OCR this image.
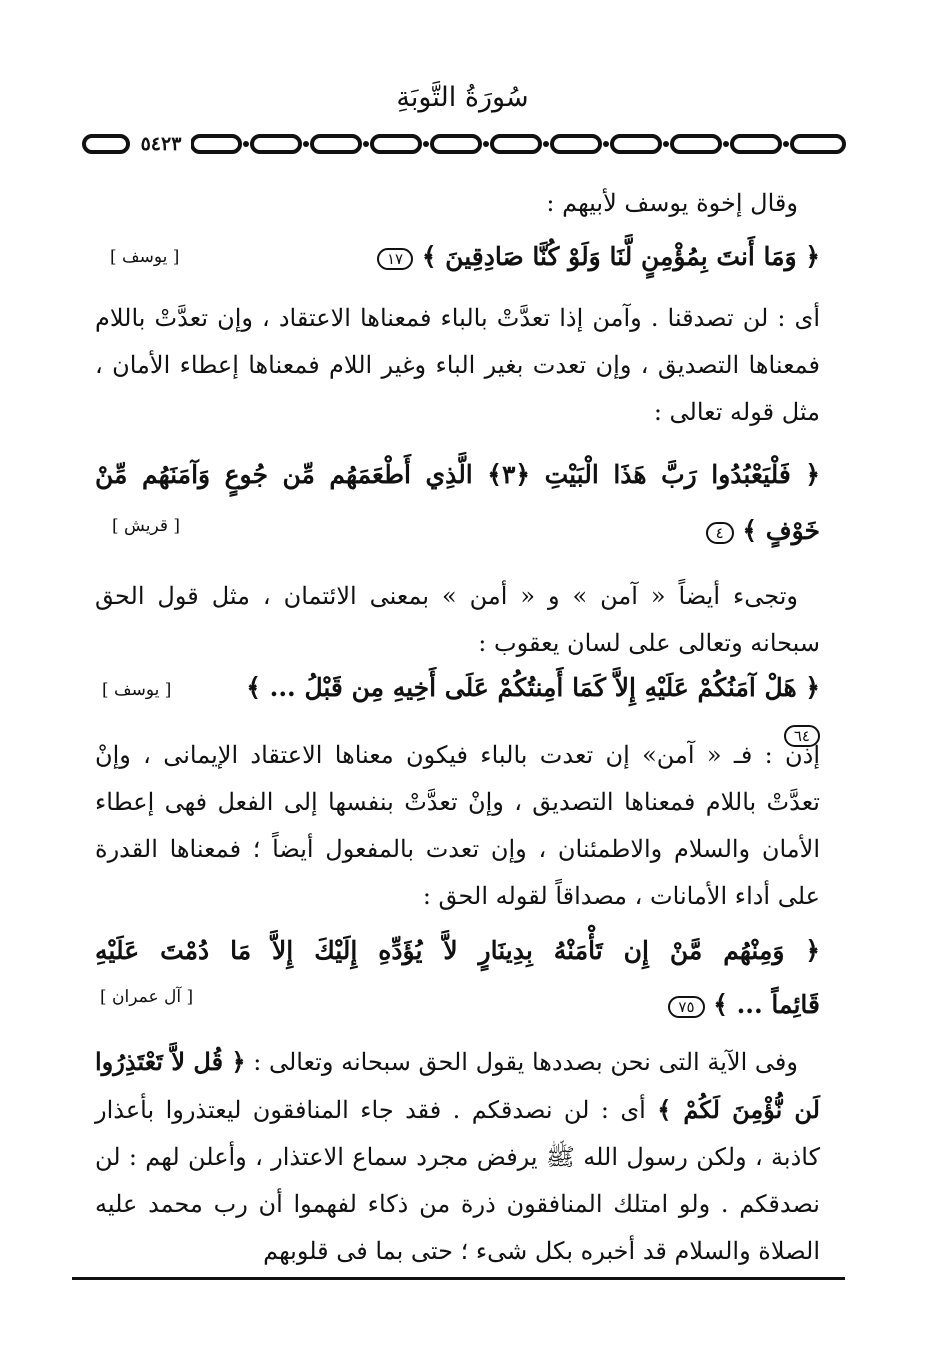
سُورَةُ التَّوبَةِ
٥٤٢٣
وقال إخوة يوسف لأبيهم :
﴿ وَمَا أَنتَ بِمُؤْمِنٍ لَّنَا وَلَوْ كُنَّا صَادِقِينَ ﴾ ١٧
[ يوسف ]
أى : لن تصدقنا . وآمن إذا تعدَّتْ بالباء فمعناها الاعتقاد ، وإن تعدَّتْ باللام فمعناها التصديق ، وإن تعدت بغير الباء وغير اللام فمعناها إعطاء الأمان ، مثل قوله تعالى :
﴿ فَلْيَعْبُدُوا رَبَّ هَذَا الْبَيْتِ ﴿٣﴾ الَّذِي أَطْعَمَهُم مِّن جُوعٍ وَآمَنَهُم مِّنْ
خَوْفٍ ﴾ ٤
[ قريش ]
وتجىء أيضاً « آمن » و « أمن » بمعنى الائتمان ، مثل قول الحق سبحانه وتعالى على لسان يعقوب :
﴿ هَلْ آمَنُكُمْ عَلَيْهِ إِلاَّ كَمَا أَمِنتُكُمْ عَلَى أَخِيهِ مِن قَبْلُ ... ﴾ ٦٤
[ يوسف ]
إذن : فـ « آمن» إن تعدت بالباء فيكون معناها الاعتقاد الإيمانى ، وإنْ تعدَّتْ باللام فمعناها التصديق ، وإنْ تعدَّتْ بنفسها إلى الفعل فهى إعطاء الأمان والسلام والاطمئنان ، وإن تعدت بالمفعول أيضاً ؛ فمعناها القدرة على أداء الأمانات ، مصداقاً لقوله الحق :
﴿ وَمِنْهُم مَّنْ إِن تَأْمَنْهُ بِدِينَارٍ لاَّ يُؤَدِّهِ إِلَيْكَ إِلاَّ مَا دُمْتَ عَلَيْهِ
قَائِماً ... ﴾ ٧٥
[ آل عمران ]
وفى الآية التى نحن بصددها يقول الحق سبحانه وتعالى : ﴿ قُل لاَّ تَعْتَذِرُوا لَن نُّؤْمِنَ لَكُمْ ﴾ أى : لن نصدقكم . فقد جاء المنافقون ليعتذروا بأعذار كاذبة ، ولكن رسول الله ﷺ يرفض مجرد سماع الاعتذار ، وأعلن لهم : لن نصدقكم . ولو امتلك المنافقون ذرة من ذكاء لفهموا أن رب محمد عليه الصلاة والسلام قد أخبره بكل شىء ؛ حتى بما فى قلوبهم
